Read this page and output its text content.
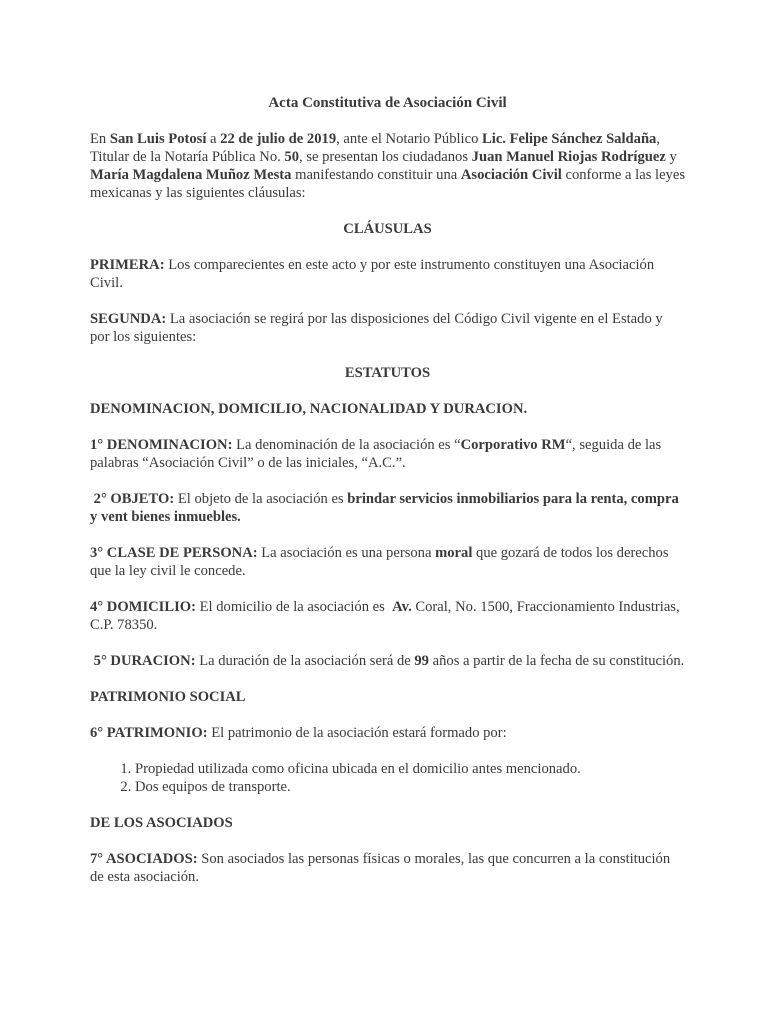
Acta Constitutiva de Asociación Civil

En San Luis Potosí a 22 de julio de 2019, ante el Notario Público Lic. Felipe Sánchez Saldaña, Titular de la Notaría Pública No. 50, se presentan los ciudadanos Juan Manuel Riojas Rodríguez y María Magdalena Muñoz Mesta manifestando constituir una Asociación Civil conforme a las leyes mexicanas y las siguientes cláusulas:

CLÁUSULAS

PRIMERA: Los comparecientes en este acto y por este instrumento constituyen una Asociación Civil.

SEGUNDA: La asociación se regirá por las disposiciones del Código Civil vigente en el Estado y por los siguientes:

ESTATUTOS
DENOMINACION, DOMICILIO, NACIONALIDAD Y DURACION.

1° DENOMINACION: La denominación de la asociación es “Corporativo RM“, seguida de las palabras “Asociación Civil” o de las iniciales, “A.C.”.

2° OBJETO: El objeto de la asociación es brindar servicios inmobiliarios para la renta, compra y vent bienes inmuebles.

3° CLASE DE PERSONA: La asociación es una persona moral que gozará de todos los derechos que la ley civil le concede.

4° DOMICILIO: El domicilio de la asociación es  Av. Coral, No. 1500, Fraccionamiento Industrias, C.P. 78350.

5° DURACION: La duración de la asociación será de 99 años a partir de la fecha de su constitución.

PATRIMONIO SOCIAL

6° PATRIMONIO: El patrimonio de la asociación estará formado por:

1. Propiedad utilizada como oficina ubicada en el domicilio antes mencionado.
2. Dos equipos de transporte.
DE LOS ASOCIADOS

7° ASOCIADOS: Son asociados las personas físicas o morales, las que concurren a la constitución de esta asociación.
